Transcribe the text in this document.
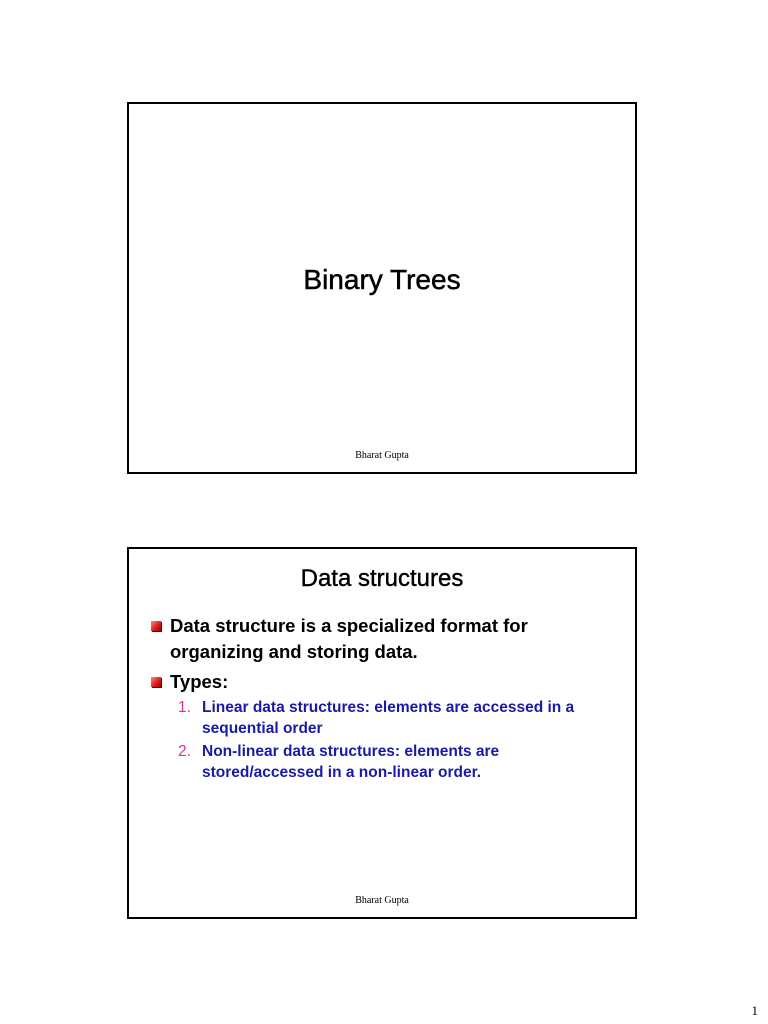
Binary Trees
Bharat Gupta
Data structures
Data structure is a specialized format for organizing and storing data.
Types:
1. Linear data structures: elements are accessed in a sequential order
2. Non-linear data structures: elements are stored/accessed in a non-linear order.
Bharat Gupta
1
